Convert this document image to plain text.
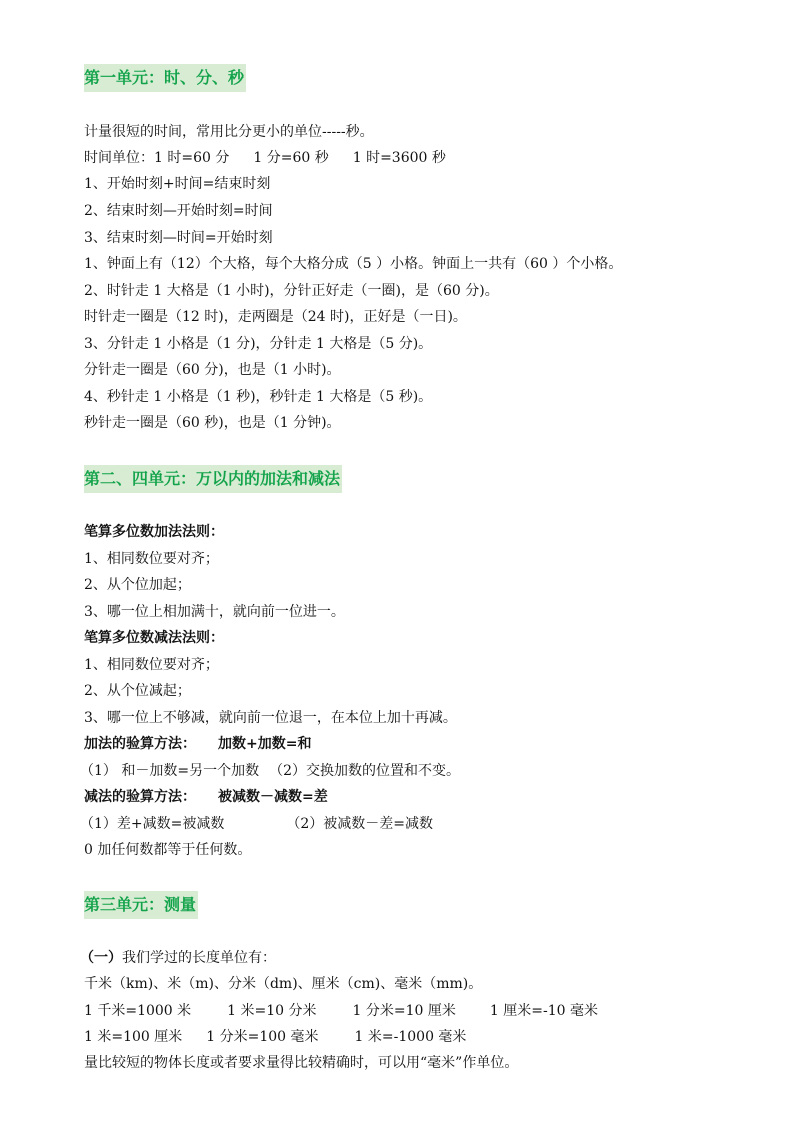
第一单元：时、分、秒

计量很短的时间，常用比分更小的单位-----秒。

时间单位：1 时=60 分 1 分=60 秒 1 时=3600 秒

1、开始时刻+时间=结束时刻

2、结束时刻—开始时刻=时间

3、结束时刻—时间=开始时刻

1、钟面上有（12）个大格，每个大格分成（5 ）小格。钟面上一共有（60 ）个小格。

2、时针走 1 大格是（1 小时)，分针正好走（一圈)，是（60 分)。

时针走一圈是（12 时)，走两圈是（24 时)，正好是（一日)。

3、分针走 1 小格是（1 分)，分针走 1 大格是（5 分)。

分针走一圈是（60 分)，也是（1 小时)。

4、秒针走 1 小格是（1 秒)，秒针走 1 大格是（5 秒)。

秒针走一圈是（60 秒)，也是（1 分钟)。

第二、四单元：万以内的加法和减法

笔算多位数加法法则：

1、相同数位要对齐；

2、从个位加起；

3、哪一位上相加满十，就向前一位进一。

笔算多位数减法法则：

1、相同数位要对齐；

2、从个位减起；

3、哪一位上不够减，就向前一位退一，在本位上加十再减。

加法的验算方法： 加数+加数=和

（1） 和－加数=另一个加数 （2）交换加数的位置和不变。

减法的验算方法： 被减数－减数=差

（1）差+减数=被减数	（2）被减数－差=减数

0 加任何数都等于任何数。

第三单元：测量

（一）我们学过的长度单位有：

千米（km)、米（m)、分米（dm)、厘米（cm)、毫米（mm)。

1 千米=1000 米	1 米=10 分米	1 分米=10 厘米 1 厘米=-10 毫米

1 米=100 厘米 1 分米=100 毫米	1 米=-1000 毫米

量比较短的物体长度或者要求量得比较精确时，可以用“毫米”作单位。
